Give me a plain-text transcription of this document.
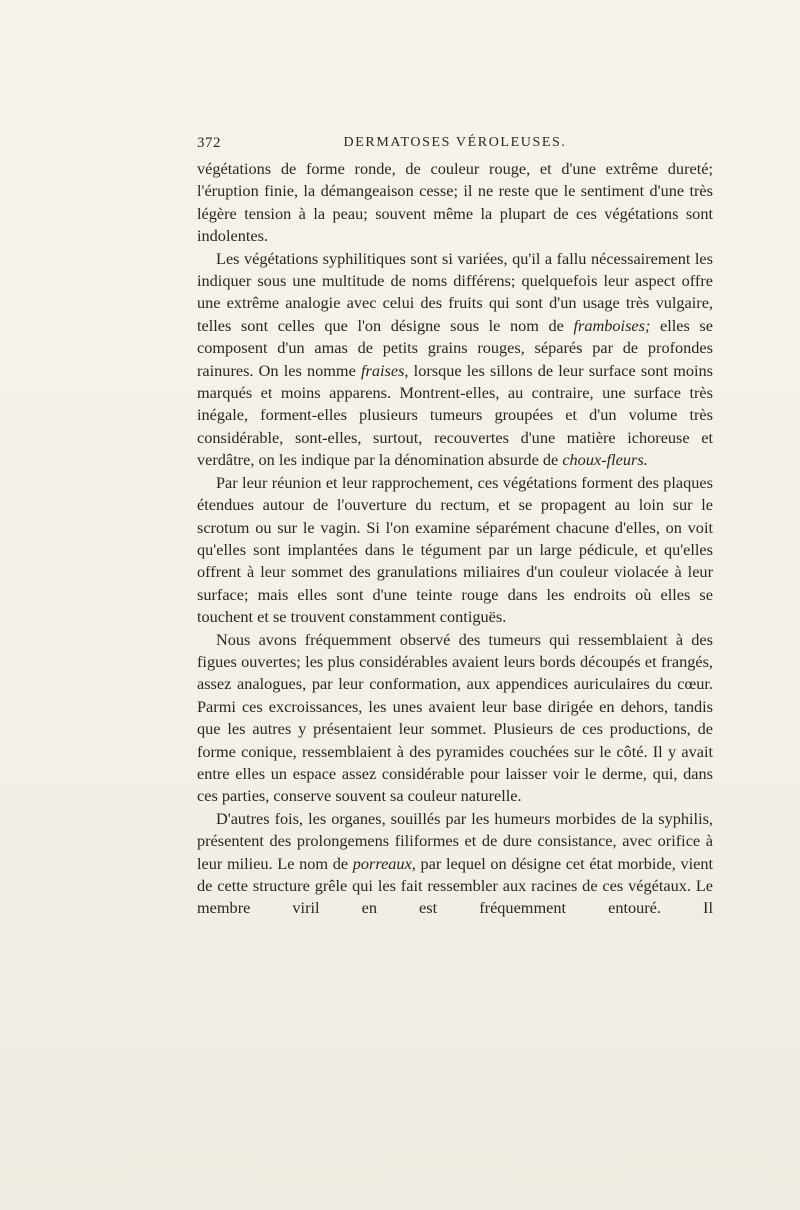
372	DERMATOSES VÉROLEUSES.

végétations de forme ronde, de couleur rouge, et d'une extrême dureté; l'éruption finie, la démangeaison cesse; il ne reste que le sentiment d'une très légère tension à la peau; souvent même la plupart de ces végétations sont indolentes.

Les végétations syphilitiques sont si variées, qu'il a fallu nécessairement les indiquer sous une multitude de noms différens; quelquefois leur aspect offre une extrême analogie avec celui des fruits qui sont d'un usage très vulgaire, telles sont celles que l'on désigne sous le nom de framboises; elles se composent d'un amas de petits grains rouges, séparés par de profondes rainures. On les nomme fraises, lorsque les sillons de leur surface sont moins marqués et moins apparens. Montrent-elles, au contraire, une surface très inégale, forment-elles plusieurs tumeurs groupées et d'un volume très considérable, sont-elles, surtout, recouvertes d'une matière ichoreuse et verdâtre, on les indique par la dénomination absurde de choux-fleurs.

Par leur réunion et leur rapprochement, ces végétations forment des plaques étendues autour de l'ouverture du rectum, et se propagent au loin sur le scrotum ou sur le vagin. Si l'on examine séparément chacune d'elles, on voit qu'elles sont implantées dans le tégument par un large pédicule, et qu'elles offrent à leur sommet des granulations miliaires d'un couleur violacée à leur surface; mais elles sont d'une teinte rouge dans les endroits où elles se touchent et se trouvent constamment contiguës.

Nous avons fréquemment observé des tumeurs qui ressemblaient à des figues ouvertes; les plus considérables avaient leurs bords découpés et frangés, assez analogues, par leur conformation, aux appendices auriculaires du cœur. Parmi ces excroissances, les unes avaient leur base dirigée en dehors, tandis que les autres y présentaient leur sommet. Plusieurs de ces productions, de forme conique, ressemblaient à des pyramides couchées sur le côté. Il y avait entre elles un espace assez considérable pour laisser voir le derme, qui, dans ces parties, conserve souvent sa couleur naturelle.

D'autres fois, les organes, souillés par les humeurs morbides de la syphilis, présentent des prolongemens filiformes et de dure consistance, avec orifice à leur milieu. Le nom de porreaux, par lequel on désigne cet état morbide, vient de cette structure grêle qui les fait ressembler aux racines de ces végétaux. Le membre viril en est fréquemment entouré. Il
